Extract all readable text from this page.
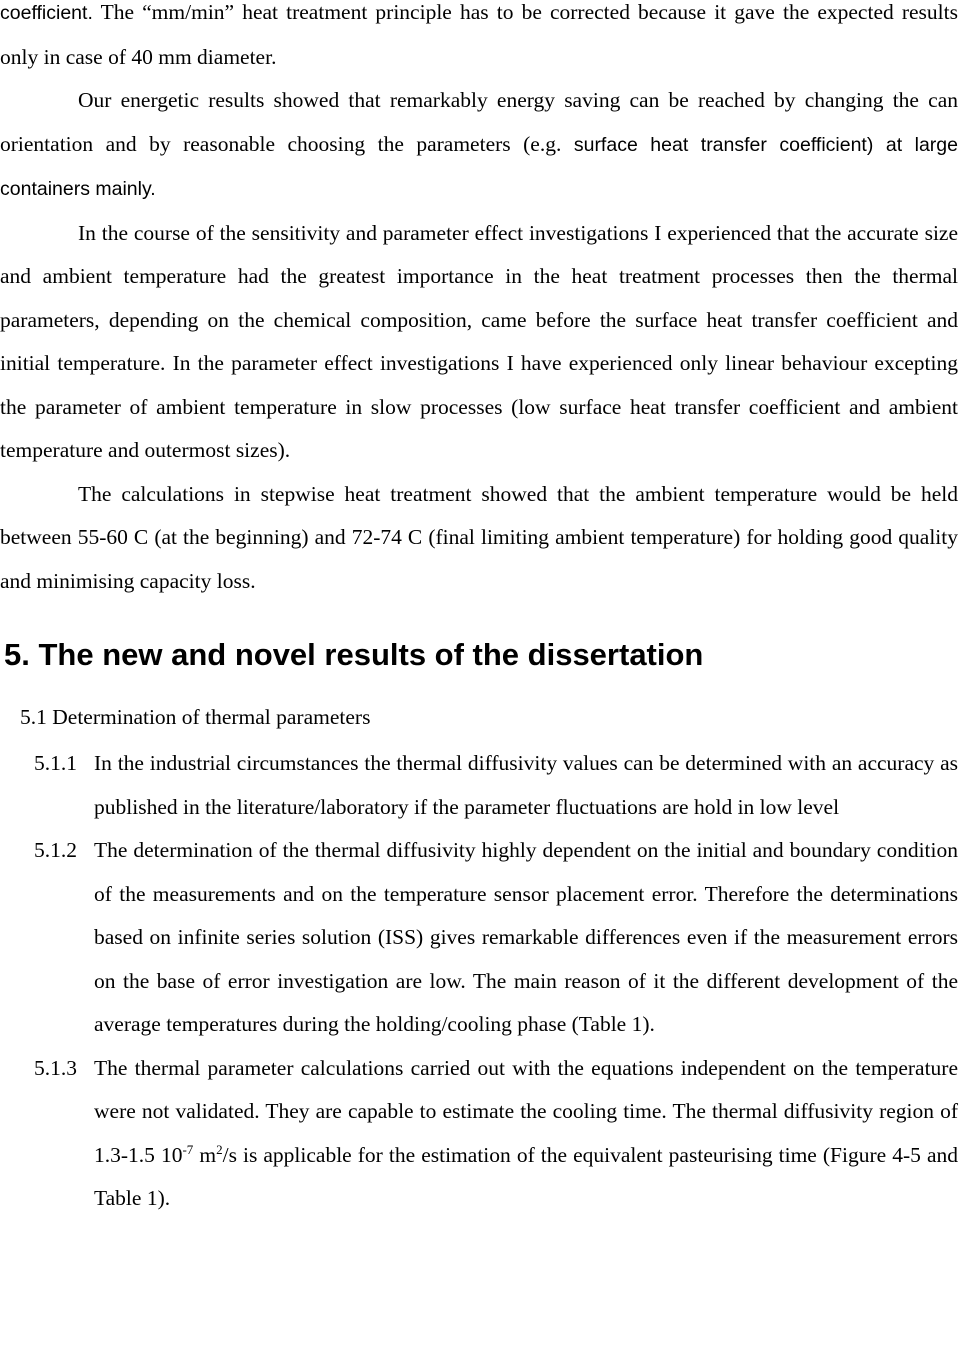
coefficient. The “mm/min” heat treatment principle has to be corrected because it gave the expected results only in case of 40 mm diameter.

Our energetic results showed that remarkably energy saving can be reached by changing the can orientation and by reasonable choosing the parameters (e.g. surface heat transfer coefficient) at large containers mainly.

In the course of the sensitivity and parameter effect investigations I experienced that the accurate size and ambient temperature had the greatest importance in the heat treatment processes then the thermal parameters, depending on the chemical composition, came before the surface heat transfer coefficient and initial temperature. In the parameter effect investigations I have experienced only linear behaviour excepting the parameter of ambient temperature in slow processes (low surface heat transfer coefficient and ambient temperature and outermost sizes).

The calculations in stepwise heat treatment showed that the ambient temperature would be held between 55-60 C (at the beginning) and 72-74 C (final limiting ambient temperature) for holding good quality and minimising capacity loss.

5. The new and novel results of the dissertation
5.1 Determination of thermal parameters

5.1.1 In the industrial circumstances the thermal diffusivity values can be determined with an accuracy as published in the literature/laboratory if the parameter fluctuations are hold in low level

5.1.2 The determination of the thermal diffusivity highly dependent on the initial and boundary condition of the measurements and on the temperature sensor placement error. Therefore the determinations based on infinite series solution (ISS) gives remarkable differences even if the measurement errors on the base of error investigation are low. The main reason of it the different development of the average temperatures during the holding/cooling phase (Table 1).

5.1.3 The thermal parameter calculations carried out with the equations independent on the temperature were not validated. They are capable to estimate the cooling time. The thermal diffusivity region of 1.3-1.5 $10^{-7}$ $m^2/s$ is applicable for the estimation of the equivalent pasteurising time (Figure 4-5 and Table 1).
